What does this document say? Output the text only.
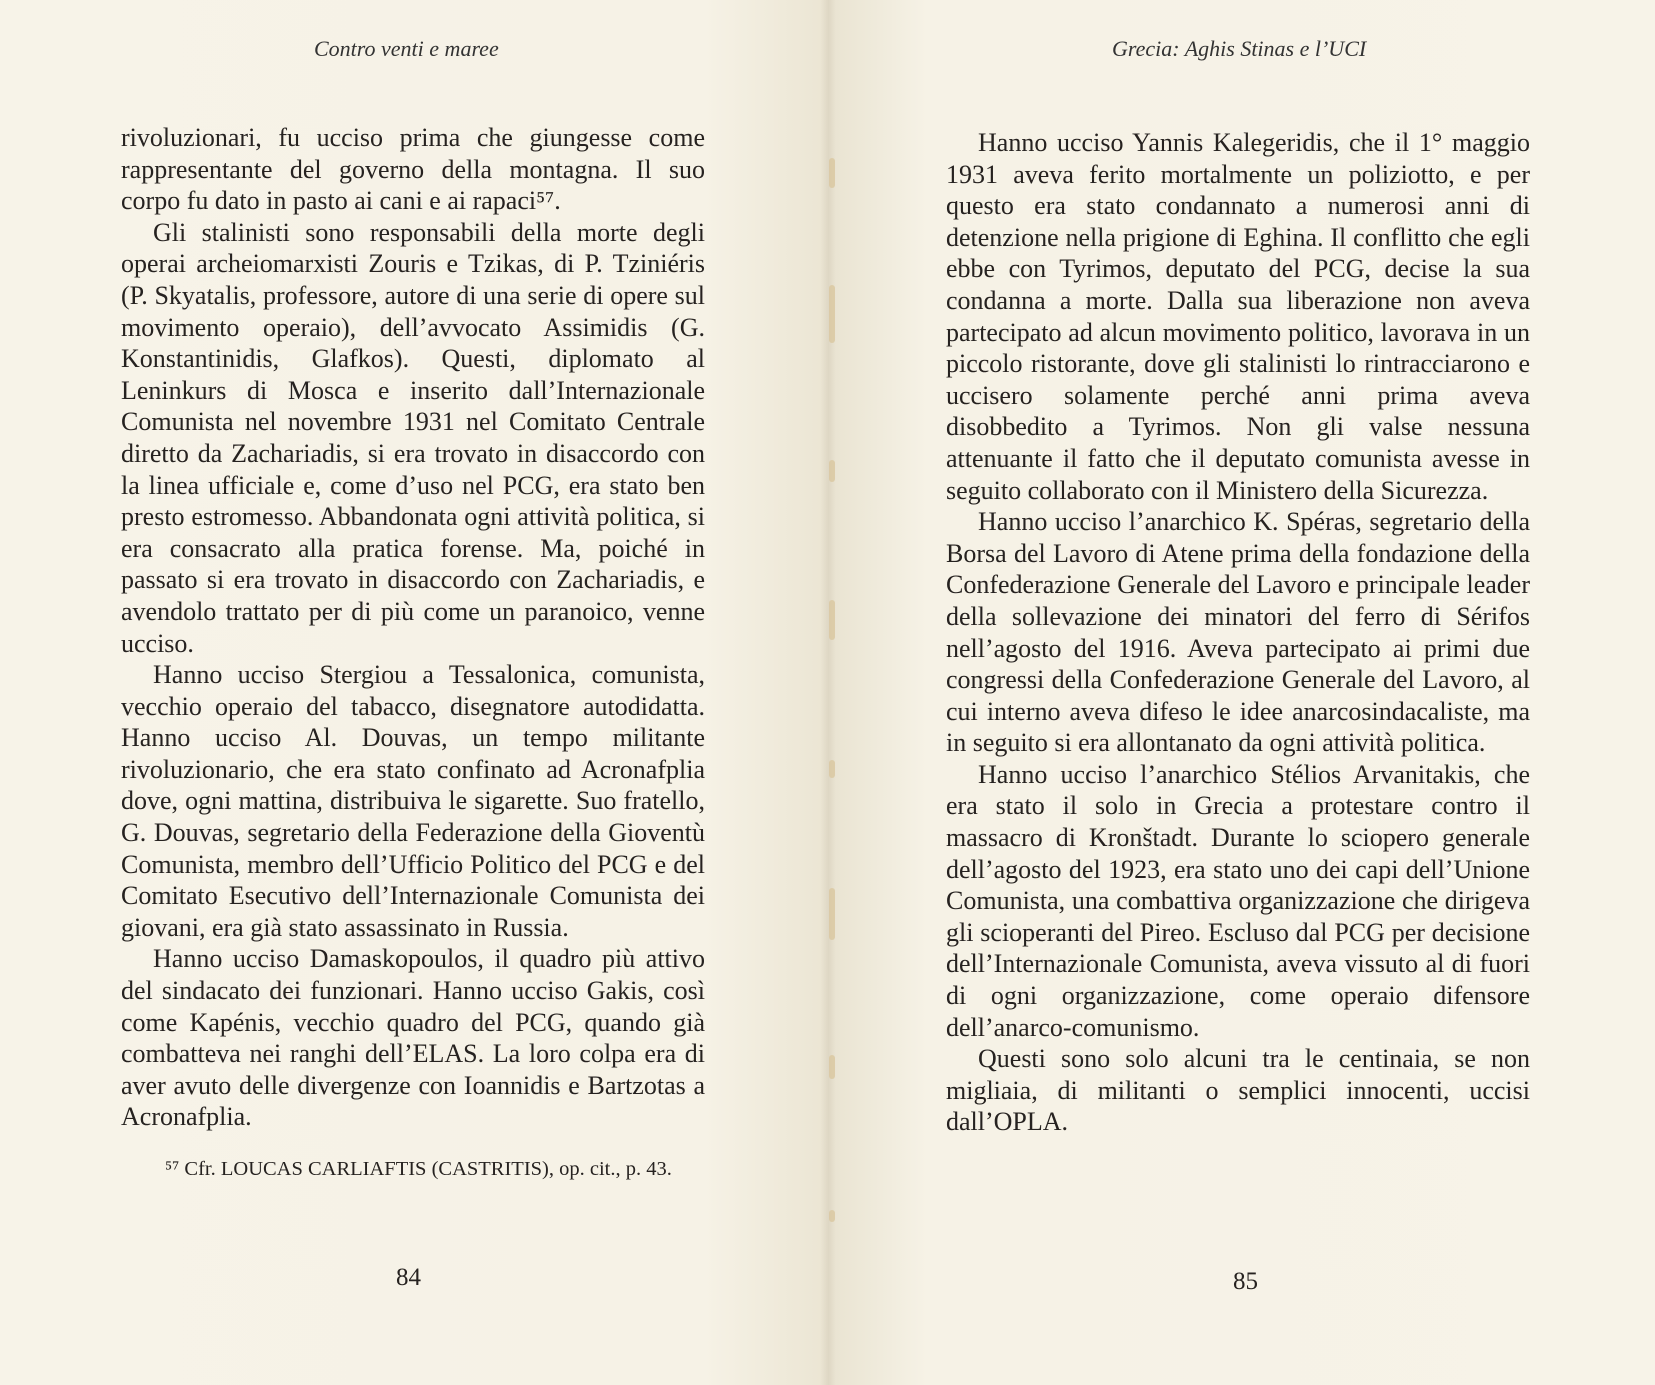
Contro venti e maree

rivoluzionari, fu ucciso prima che giungesse come rappresentante del governo della montagna. Il suo corpo fu dato in pasto ai cani e ai rapaci⁵⁷.

Gli stalinisti sono responsabili della morte degli operai archeiomarxisti Zouris e Tzikas, di P. Tziniéris (P. Skyatalis, professore, autore di una serie di opere sul movimento operaio), dell’avvocato Assimidis (G. Konstantinidis, Glafkos). Questi, diplomato al Leninkurs di Mosca e inserito dall’Internazionale Comunista nel novembre 1931 nel Comitato Centrale diretto da Zachariadis, si era trovato in disaccordo con la linea ufficiale e, come d’uso nel PCG, era stato ben presto estromesso. Abbandonata ogni attività politica, si era consacrato alla pratica forense. Ma, poiché in passato si era trovato in disaccordo con Zachariadis, e avendolo trattato per di più come un paranoico, venne ucciso.

Hanno ucciso Stergiou a Tessalonica, comunista, vecchio operaio del tabacco, disegnatore autodidatta. Hanno ucciso Al. Douvas, un tempo militante rivoluzionario, che era stato confinato ad Acronafplia dove, ogni mattina, distribuiva le sigarette. Suo fratello, G. Douvas, segretario della Federazione della Gioventù Comunista, membro dell’Ufficio Politico del PCG e del Comitato Esecutivo dell’Internazionale Comunista dei giovani, era già stato assassinato in Russia.

Hanno ucciso Damaskopoulos, il quadro più attivo del sindacato dei funzionari. Hanno ucciso Gakis, così come Kapénis, vecchio quadro del PCG, quando già combatteva nei ranghi dell’ELAS. La loro colpa era di aver avuto delle divergenze con Ioannidis e Bartzotas a Acronafplia.

⁵⁷ Cfr. LOUCAS CARLIAFTIS (CASTRITIS), op. cit., p. 43.
84
Grecia: Aghis Stinas e l’UCI

Hanno ucciso Yannis Kalegeridis, che il 1° maggio 1931 aveva ferito mortalmente un poliziotto, e per questo era stato condannato a numerosi anni di detenzione nella prigione di Eghina. Il conflitto che egli ebbe con Tyrimos, deputato del PCG, decise la sua condanna a morte. Dalla sua liberazione non aveva partecipato ad alcun movimento politico, lavorava in un piccolo ristorante, dove gli stalinisti lo rintracciarono e uccisero solamente perché anni prima aveva disobbedito a Tyrimos. Non gli valse nessuna attenuante il fatto che il deputato comunista avesse in seguito collaborato con il Ministero della Sicurezza.

Hanno ucciso l’anarchico K. Spéras, segretario della Borsa del Lavoro di Atene prima della fondazione della Confederazione Generale del Lavoro e principale leader della sollevazione dei minatori del ferro di Sérifos nell’agosto del 1916. Aveva partecipato ai primi due congressi della Confederazione Generale del Lavoro, al cui interno aveva difeso le idee anarcosindacaliste, ma in seguito si era allontanato da ogni attività politica.

Hanno ucciso l’anarchico Stélios Arvanitakis, che era stato il solo in Grecia a protestare contro il massacro di Kronštadt. Durante lo sciopero generale dell’agosto del 1923, era stato uno dei capi dell’Unione Comunista, una combattiva organizzazione che dirigeva gli scioperanti del Pireo. Escluso dal PCG per decisione dell’Internazionale Comunista, aveva vissuto al di fuori di ogni organizzazione, come operaio difensore dell’anarco-comunismo.

Questi sono solo alcuni tra le centinaia, se non migliaia, di militanti o semplici innocenti, uccisi dall’OPLA.

85
